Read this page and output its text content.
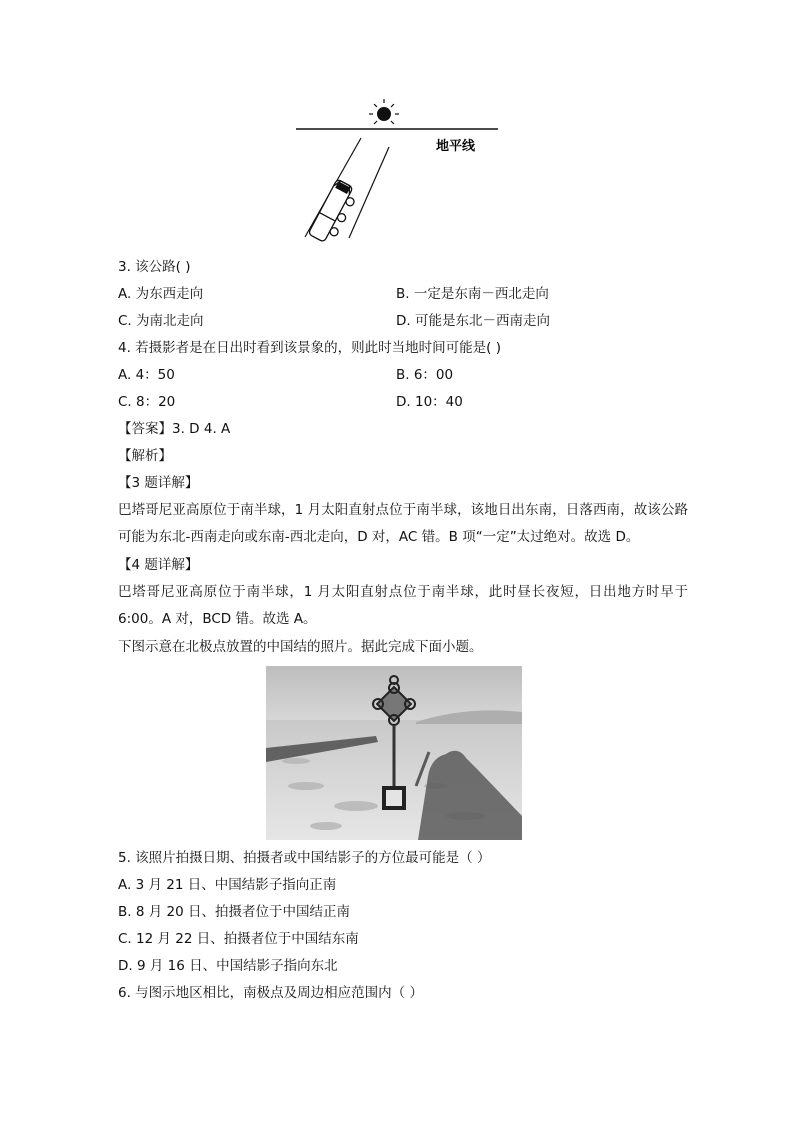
地平线
3. 该公路( )
A. 为东西走向	B. 一定是东南－西北走向
C. 为南北走向	D. 可能是东北－西南走向
4. 若摄影者是在日出时看到该景象的，则此时当地时间可能是( )
A. 4：50	B. 6：00
C. 8：20	D. 10：40
【答案】3. D 4. A
【解析】
【3 题详解】
巴塔哥尼亚高原位于南半球，1 月太阳直射点位于南半球，该地日出东南，日落西南，故该公路可能为东北-西南走向或东南-西北走向，D 对，AC 错。B 项“一定”太过绝对。故选 D。
【4 题详解】
巴塔哥尼亚高原位于南半球，1 月太阳直射点位于南半球，此时昼长夜短，日出地方时早于 6:00。A 对，BCD 错。故选 A。
下图示意在北极点放置的中国结的照片。据此完成下面小题。
5. 该照片拍摄日期、拍摄者或中国结影子的方位最可能是（ ）
A. 3 月 21 日、中国结影子指向正南
B. 8 月 20 日、拍摄者位于中国结正南
C. 12 月 22 日、拍摄者位于中国结东南
D. 9 月 16 日、中国结影子指向东北
6. 与图示地区相比，南极点及周边相应范围内（ ）
